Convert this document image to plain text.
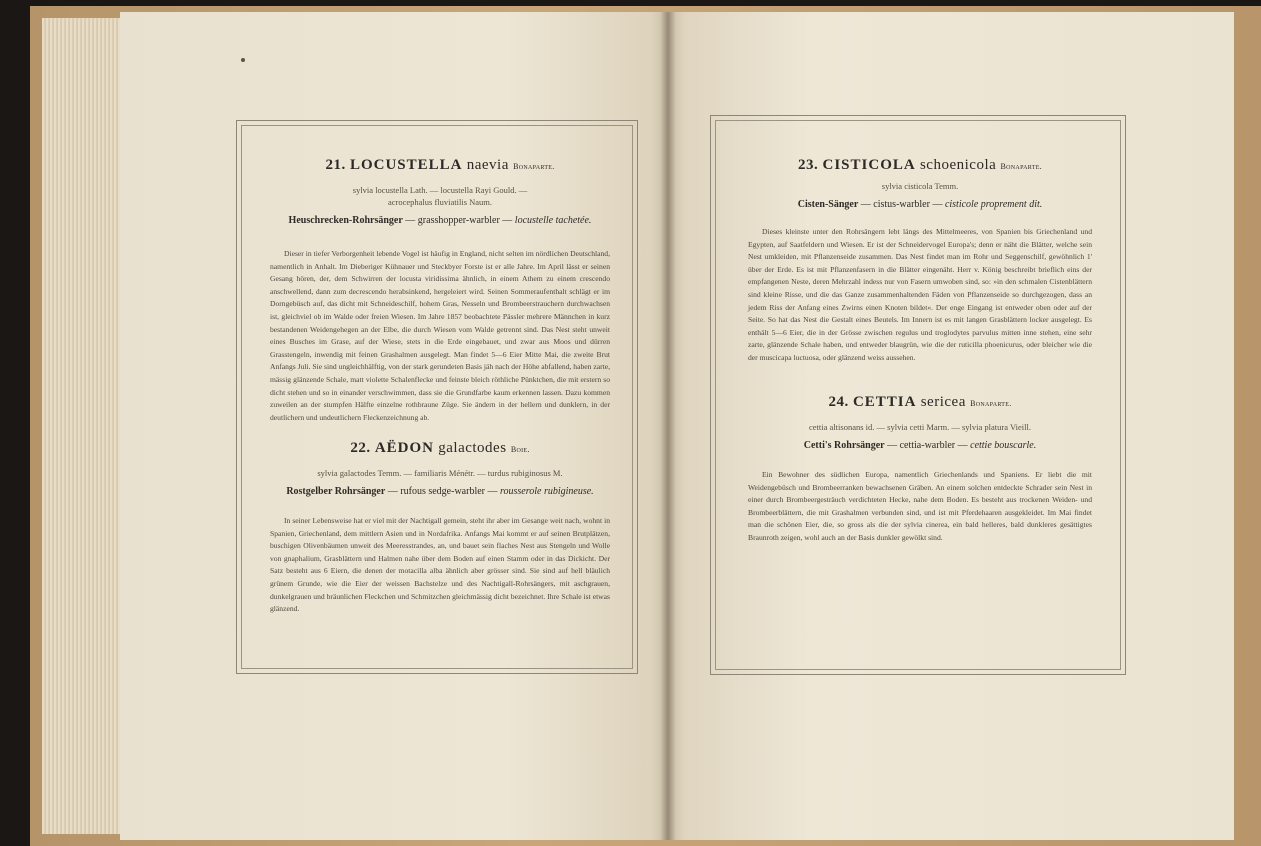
21. LOCUSTELLA naevia Bonaparte.
sylvia locustella Lath. — locustella Rayi Gould. — acrocephalus fluviatilis Naum.
Heuschrecken-Rohrsänger — grasshopper-warbler — locustelle tachetée.
Dieser in tiefer Verborgenheit lebende Vogel ist häufig in England, nicht selten im nördlichen Deutschland, namentlich in Anhalt. Im Dieberiger Kühnauer und Steckbyer Forste ist er alle Jahre. Im April lässt er seinen Gesang hören, der, dem Schwirren der locusta viridissima ähnlich, in einem Athem zu einem crescendo anschwellend, dann zum decrescendo herabsinkend, hergeleiert wird. Seinen Sommeraufenthalt schlägt er im Dorngebüsch auf, das dicht mit Schneideschilf, hohem Gras, Nesseln und Brombeerstrauchern durchwachsen ist, gleichviel ob im Walde oder freien Wiesen. Im Jahre 1857 beobachtete Pässler mehrere Männchen in kurz bestandenen Weidengehegen an der Elbe, die durch Wiesen vom Walde getrennt sind. Das Nest steht unweit eines Busches im Grase, auf der Wiese, stets in die Erde eingebauet, und zwar aus Moos und dürren Grasstengeln, inwendig mit feinen Grashalmen ausgelegt. Man findet 5—6 Eier Mitte Mai, die zweite Brut Anfangs Juli. Sie sind ungleichhälftig, von der stark gerundeten Basis jäh nach der Höhe abfallend, haben zarte, mässig glänzende Schale, matt violette Schalenflecke und feinste bleich röthliche Pünktchen, die mit erstern so dicht stehen und so in einander verschwimmen, dass sie die Grundfarbe kaum erkennen lassen. Dazu kommen zuweilen an der stumpfen Hälfte einzelne rothbraune Züge. Sie ändern in der hellern und dunklern, in der deutlichern und undeutlichern Fleckenzeichnung ab.
22. AËDON galactodes Boie.
sylvia galactodes Temm. — familiaris Ménétr. — turdus rubiginosus M.
Rostgelber Rohrsänger — rufous sedge-warbler — rousserole rubigineuse.
In seiner Lebensweise hat er viel mit der Nachtigall gemein, steht ihr aber im Gesange weit nach, wohnt in Spanien, Griechenland, dem mittlern Asien und in Nordafrika. Anfangs Mai kommt er auf seinen Brutplätzen, buschigen Olivenbäumen unweit des Meeresstrandes, an, und bauet sein flaches Nest aus Stengeln und Wolle von gnaphalium, Grasblättern und Halmen nahe über dem Boden auf einen Stamm oder in das Dickicht. Der Satz besteht aus 6 Eiern, die denen der motacilla alba ähnlich aber grösser sind. Sie sind auf hell bläulich grünem Grunde, wie die Eier der weissen Bachstelze und des Nachtigall-Rohrsängers, mit aschgrauen, dunkelgrauen und bräunlichen Fleckchen und Schmitzchen gleichmässig dicht bezeichnet. Ihre Schale ist etwas glänzend.
23. CISTICOLA schoenicola Bonaparte.
sylvia cisticola Temm.
Cisten-Sänger — cistus-warbler — cisticole proprement dit.
Dieses kleinste unter den Rohrsängern lebt längs des Mittelmeeres, von Spanien bis Griechenland und Egypten, auf Saatfeldern und Wiesen. Er ist der Schneidervogel Europa's; denn er näht die Blätter, welche sein Nest umkleiden, mit Pflanzenseide zusammen. Das Nest findet man im Rohr und Seggenschilf, gewöhnlich 1' über der Erde. Es ist mit Pflanzenfasern in die Blätter eingenäht. Herr v. König beschreibt brieflich eins der empfangenen Neste, deren Mehrzahl indess nur von Fasern umwoben sind, so: »in den schmalen Cistenblättern sind kleine Risse, und die das Ganze zusammenhaltenden Fäden von Pflanzenseide so durchgezogen, dass an jedem Riss der Anfang eines Zwirns einen Knoten bildet«. Der enge Eingang ist entweder oben oder auf der Seite. So hat das Nest die Gestalt eines Beutels. Im Innern ist es mit langen Grasblättern locker ausgelegt. Es enthält 5—6 Eier, die in der Grösse zwischen regulus und troglodytes parvulus mitten inne stehen, eine sehr zarte, glänzende Schale haben, und entweder blaugrün, wie die der ruticilla phoenicurus, oder bleicher wie die der muscicapa luctuosa, oder glänzend weiss aussehen.
24. CETTIA sericea Bonaparte.
cettia altisonans id. — sylvia cetti Marm. — sylvia platura Vieill.
Cetti's Rohrsänger — cettia-warbler — cettie bouscarle.
Ein Bewohner des südlichen Europa, namentlich Griechenlands und Spaniens. Er liebt die mit Weidengebüsch und Brombeerranken bewachsenen Gräben. An einem solchen entdeckte Schrader sein Nest in einer durch Brombeergesträuch verdichteten Hecke, nahe dem Boden. Es besteht aus trockenen Weiden- und Brombeerblättern, die mit Grashalmen verbunden sind, und ist mit Pferdehaaren ausgekleidet. Im Mai findet man die schönen Eier, die, so gross als die der sylvia cinerea, ein bald helleres, bald dunkleres gesättigtes Braunroth zeigen, wohl auch an der Basis dunkler gewölkt sind.
